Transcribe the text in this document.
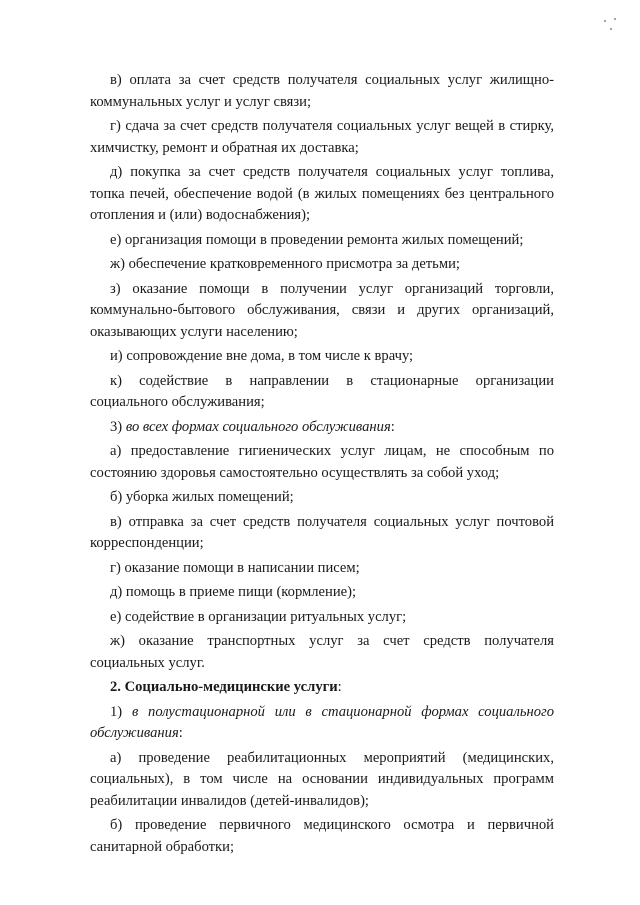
в) оплата за счет средств получателя социальных услуг жилищно-коммунальных услуг и услуг связи;

г) сдача за счет средств получателя социальных услуг вещей в стирку, химчистку, ремонт и обратная их доставка;

д) покупка за счет средств получателя социальных услуг топлива, топка печей, обеспечение водой (в жилых помещениях без центрального отопления и (или) водоснабжения);

е) организация помощи в проведении ремонта жилых помещений;

ж) обеспечение кратковременного присмотра за детьми;

з) оказание помощи в получении услуг организаций торговли, коммунально-бытового обслуживания, связи и других организаций, оказывающих услуги населению;

и) сопровождение вне дома, в том числе к врачу;

к) содействие в направлении в стационарные организации социального обслуживания;

3) во всех формах социального обслуживания:

а) предоставление гигиенических услуг лицам, не способным по состоянию здоровья самостоятельно осуществлять за собой уход;

б) уборка жилых помещений;

в) отправка за счет средств получателя социальных услуг почтовой корреспонденции;

г) оказание помощи в написании писем;

д) помощь в приеме пищи (кормление);

е) содействие в организации ритуальных услуг;

ж) оказание транспортных услуг за счет средств получателя социальных услуг.

2. Социально-медицинские услуги:

1) в полустационарной или в стационарной формах социального обслуживания:

а) проведение реабилитационных мероприятий (медицинских, социальных), в том числе на основании индивидуальных программ реабилитации инвалидов (детей-инвалидов);

б) проведение первичного медицинского осмотра и первичной санитарной обработки;
